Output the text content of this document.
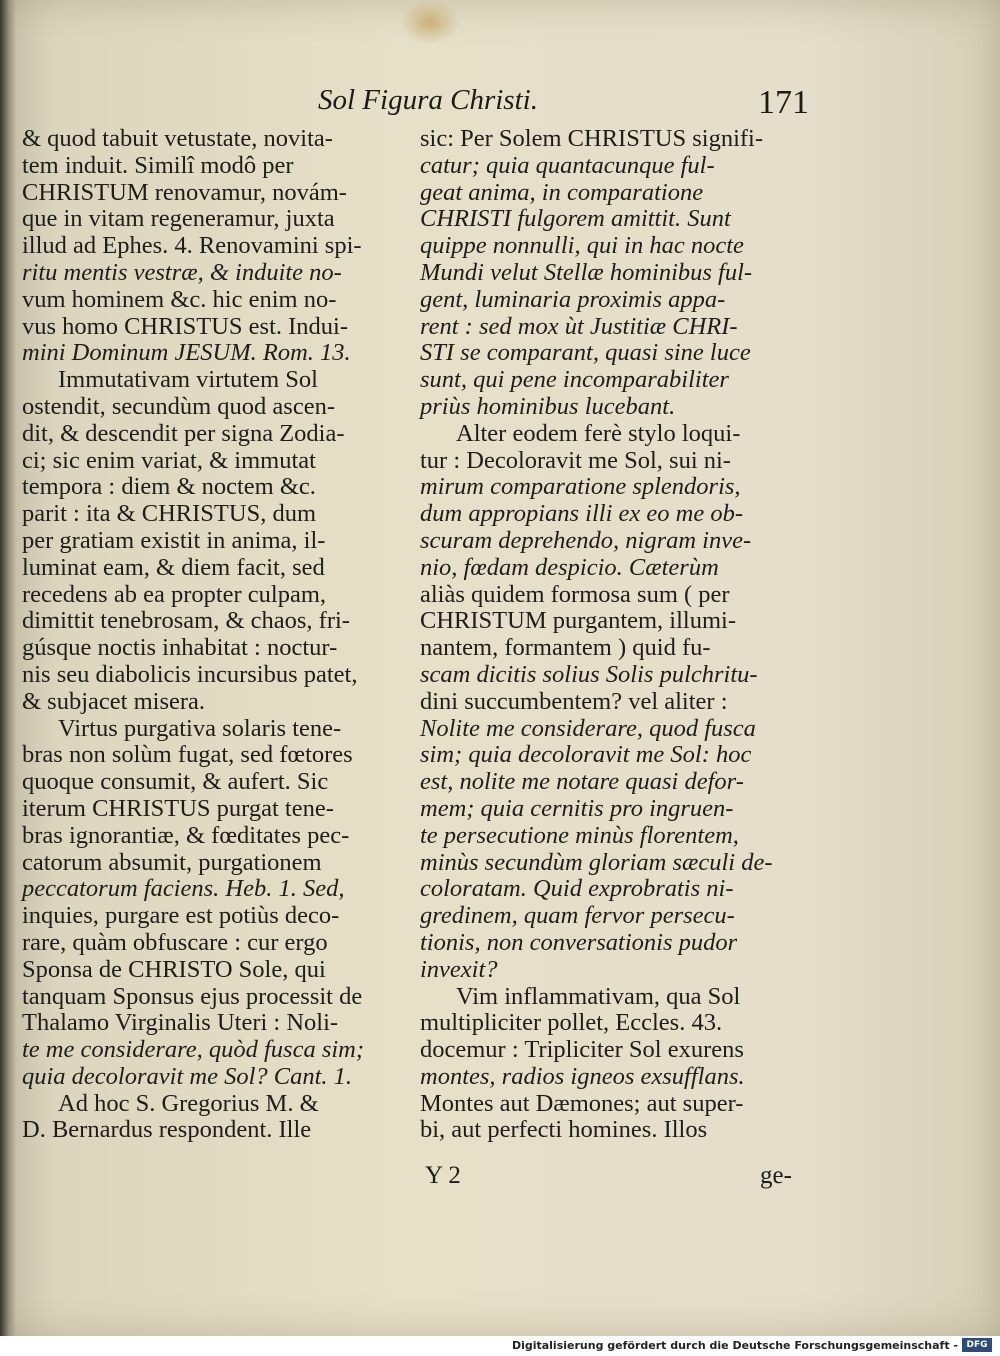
Sol Figura Christi.	171
& quod tabuit vetustate, novita-
tem induit. Similî modô per
CHRISTUM renovamur, novám-
que in vitam regeneramur, juxta
illud ad Ephes. 4. Renovamini spi-
ritu mentis vestræ, & induite no-
vum hominem &c. hic enim no-
vus homo CHRISTUS est. Indui-
mini Dominum JESUM. Rom. 13.
Immutativam virtutem Sol
ostendit, secundùm quod ascen-
dit, & descendit per signa Zodia-
ci; sic enim variat, & immutat
tempora : diem & noctem &c.
parit : ita & CHRISTUS, dum
per gratiam existit in anima, il-
luminat eam, & diem facit, sed
recedens ab ea propter culpam,
dimittit tenebrosam, & chaos, fri-
gúsque noctis inhabitat : noctur-
nis seu diabolicis incursibus patet,
& subjacet misera.
Virtus purgativa solaris tene-
bras non solùm fugat, sed fœtores
quoque consumit, & aufert. Sic
iterum CHRISTUS purgat tene-
bras ignorantiæ, & fœditates pec-
catorum absumit, purgationem
peccatorum faciens. Heb. 1. Sed,
inquies, purgare est potiùs deco-
rare, quàm obfuscare : cur ergo
Sponsa de CHRISTO Sole, qui
tanquam Sponsus ejus processit de
Thalamo Virginalis Uteri : Noli-
te me considerare, quòd fusca sim;
quia decoloravit me Sol? Cant. 1.
Ad hoc S. Gregorius M. &
D. Bernardus respondent. Ille
sic: Per Solem CHRISTUS signifi-
catur; quia quantacunque ful-
geat anima, in comparatione
CHRISTI fulgorem amittit. Sunt
quippe nonnulli, qui in hac nocte
Mundi velut Stellæ hominibus ful-
gent, luminaria proximis appa-
rent : sed mox ùt Justitiæ CHRI-
STI se comparant, quasi sine luce
sunt, qui pene incomparabiliter
priùs hominibus lucebant.
Alter eodem ferè stylo loqui-
tur : Decoloravit me Sol, sui ni-
mirum comparatione splendoris,
dum appropians illi ex eo me ob-
scuram deprehendo, nigram inve-
nio, fœdam despicio. Cæterùm
aliàs quidem formosa sum ( per
CHRISTUM purgantem, illumi-
nantem, formantem ) quid fu-
scam dicitis solius Solis pulchritu-
dini succumbentem? vel aliter :
Nolite me considerare, quod fusca
sim; quia decoloravit me Sol: hoc
est, nolite me notare quasi defor-
mem; quia cernitis pro ingruen-
te persecutione minùs florentem,
minùs secundùm gloriam sæculi de-
coloratam. Quid exprobratis ni-
gredinem, quam fervor persecu-
tionis, non conversationis pudor
invexit?
Vim inflammativam, qua Sol
multipliciter pollet, Eccles. 43.
docemur : Tripliciter Sol exurens
montes, radios igneos exsufflans.
Montes aut Dæmones; aut super-
bi, aut perfecti homines. Illos
Y 2	ge-
Digitalisierung gefördert durch die Deutsche Forschungsgemeinschaft - DFG
